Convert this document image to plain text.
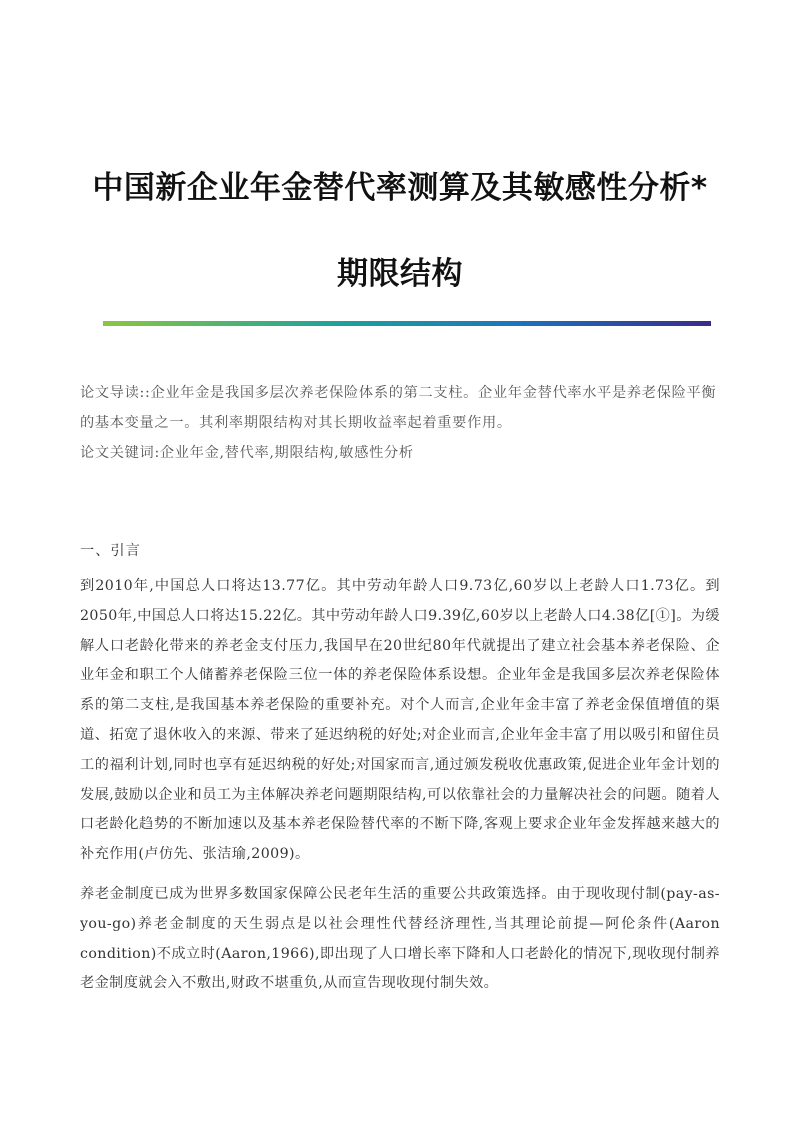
中国新企业年金替代率测算及其敏感性分析*
期限结构

论文导读::企业年金是我国多层次养老保险体系的第二支柱。企业年金替代率水平是养老保险平衡的基本变量之一。其利率期限结构对其长期收益率起着重要作用。

论文关键词:企业年金,替代率,期限结构,敏感性分析

一、引言

到2010年,中国总人口将达13.77亿。其中劳动年龄人口9.73亿,60岁以上老龄人口1.73亿。到2050年,中国总人口将达15.22亿。其中劳动年龄人口9.39亿,60岁以上老龄人口4.38亿[①]。为缓解人口老龄化带来的养老金支付压力,我国早在20世纪80年代就提出了建立社会基本养老保险、企业年金和职工个人储蓄养老保险三位一体的养老保险体系设想。企业年金是我国多层次养老保险体系的第二支柱,是我国基本养老保险的重要补充。对个人而言,企业年金丰富了养老金保值增值的渠道、拓宽了退休收入的来源、带来了延迟纳税的好处;对企业而言,企业年金丰富了用以吸引和留住员工的福利计划,同时也享有延迟纳税的好处;对国家而言,通过颁发税收优惠政策,促进企业年金计划的发展,鼓励以企业和员工为主体解决养老问题期限结构,可以依靠社会的力量解决社会的问题。随着人口老龄化趋势的不断加速以及基本养老保险替代率的不断下降,客观上要求企业年金发挥越来越大的补充作用(卢仿先、张洁瑜,2009)。

养老金制度已成为世界多数国家保障公民老年生活的重要公共政策选择。由于现收现付制(pay-as-you-go)养老金制度的天生弱点是以社会理性代替经济理性,当其理论前提—阿伦条件(Aaron condition)不成立时(Aaron,1966),即出现了人口增长率下降和人口老龄化的情况下,现收现付制养老金制度就会入不敷出,财政不堪重负,从而宣告现收现付制失效。
